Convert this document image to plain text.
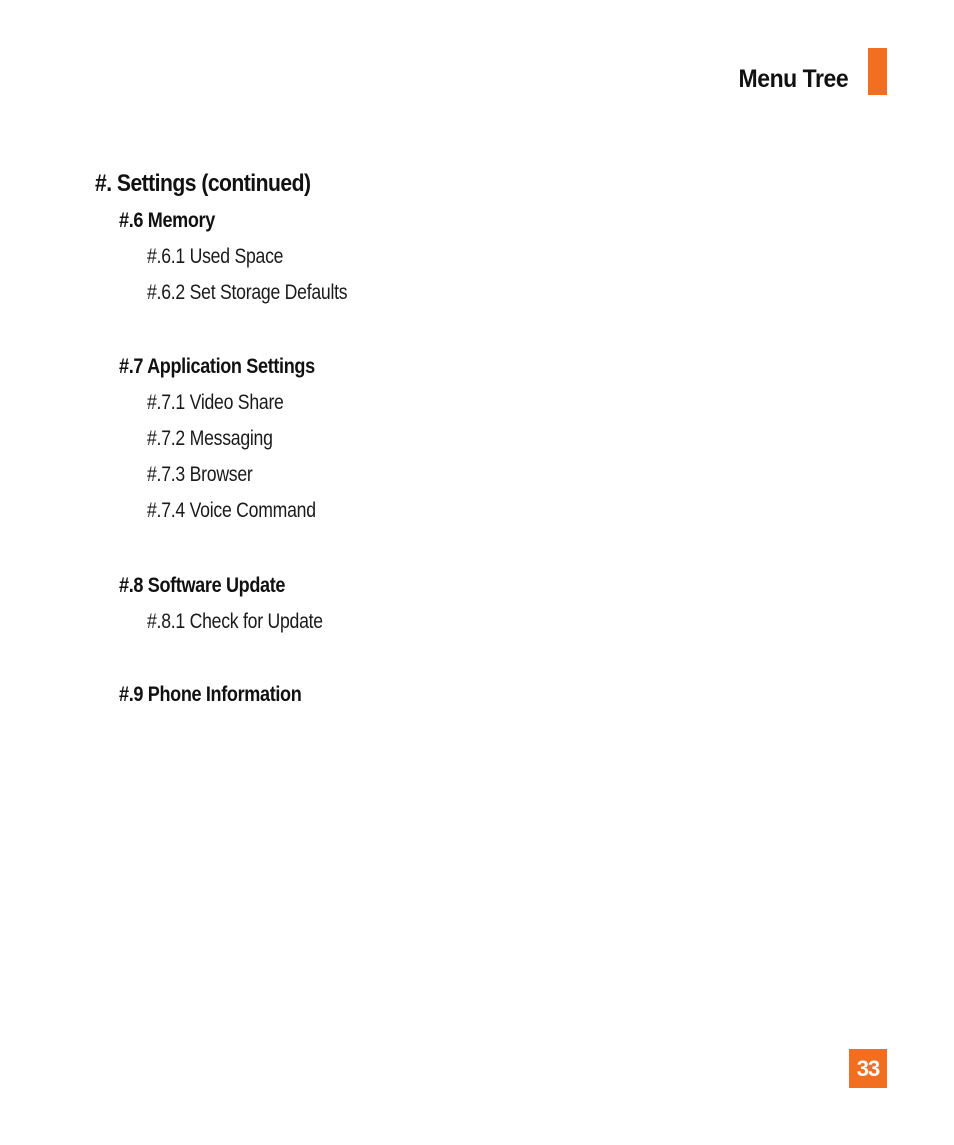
Menu Tree
#. Settings (continued)
#.6 Memory
#.6.1 Used Space
#.6.2 Set Storage Defaults
#.7 Application Settings
#.7.1 Video Share
#.7.2 Messaging
#.7.3 Browser
#.7.4 Voice Command
#.8 Software Update
#.8.1 Check for Update
#.9 Phone Information
33
